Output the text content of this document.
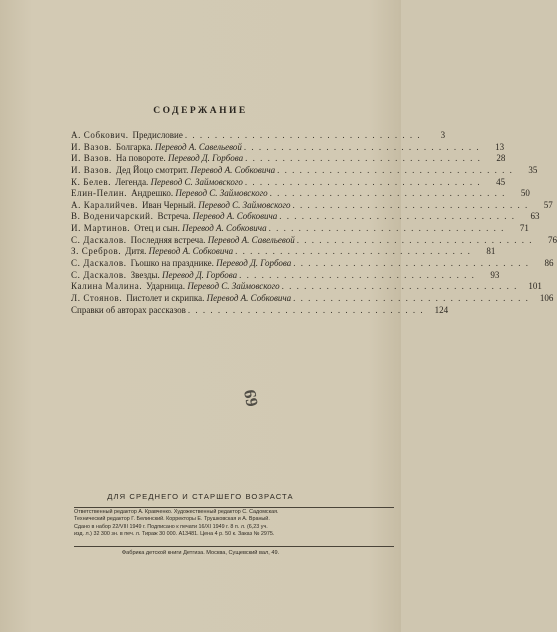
СОДЕРЖАНИЕ
А. Собкович. Предисловие . . . . . . . . . . . . . . . . . . . . . . . . . . . . . . . .	3
И. Вазов. Болгарка. Перевод А. Савельевой . . . . . . . . . . . . . . . . . . . . . . . . . . . . . . . .	13
И. Вазов. На повороте. Перевод Д. Горбова . . . . . . . . . . . . . . . . . . . . . . . . . . . . . . . .	28
И. Вазов. Дед Йоцо смотрит. Перевод А. Собковича . . . . . . . . . . . . . . . . . . . . . . . . . . . . . . . .	35
К. Белев. Легенда. Перевод С. Займовского . . . . . . . . . . . . . . . . . . . . . . . . . . . . . . . .	45
Елин-Пелин. Андрешко. Перевод С. Займовского . . . . . . . . . . . . . . . . . . . . . . . . . . . . . . . .	50
А. Каралийчев. Иван Черный. Перевод С. Займовского . . . . . . . . . . . . . . . . . . . . . . . . . . . . . . . .	57
В. Воденичарский. Встреча. Перевод А. Собковича . . . . . . . . . . . . . . . . . . . . . . . . . . . . . . . .	63
И. Мартинов. Отец и сын. Перевод А. Собковича . . . . . . . . . . . . . . . . . . . . . . . . . . . . . . . .	71
С. Даскалов. Последняя встреча. Перевод А. Савельевой . . . . . . . . . . . . . . . . . . . . . . . . . . . . . . . .	76
З. Сребров. Дитя. Перевод А. Собковича . . . . . . . . . . . . . . . . . . . . . . . . . . . . . . . .	81
С. Даскалов. Гьошко на празднике. Перевод Д. Горбова . . . . . . . . . . . . . . . . . . . . . . . . . . . . . . . .	86
С. Даскалов. Звезды. Перевод Д. Горбова . . . . . . . . . . . . . . . . . . . . . . . . . . . . . . . .	93
Калина Малина. Ударница. Перевод С. Займовского . . . . . . . . . . . . . . . . . . . . . . . . . . . . . . . .	101
Л. Стоянов. Пистолет и скрипка. Перевод А. Собковича . . . . . . . . . . . . . . . . . . . . . . . . . . . . . . . .	106
Справки об авторах рассказов . . . . . . . . . . . . . . . . . . . . . . . . . . . . . . . .	124
69
ДЛЯ СРЕДНЕГО И СТАРШЕГО ВОЗРАСТА
Ответственный редактор А. Кравченко. Художественный редактор С. Садомская.
Технический редактор Г. Белинский. Корректоры Е. Трушковская и А. Враный.
Сдано в набор 22/VIII 1949 г. Подписано к печати 16/XI 1949 г. 8 п. л. (6,23 уч.
изд. л.) 32 300 зн. в печ. л. Тираж 30 000. А13481. Цена 4 р. 50 к. Заказ № 2975.
Фабрика детской книги Детгиза. Москва, Сущевский вал, 49.
